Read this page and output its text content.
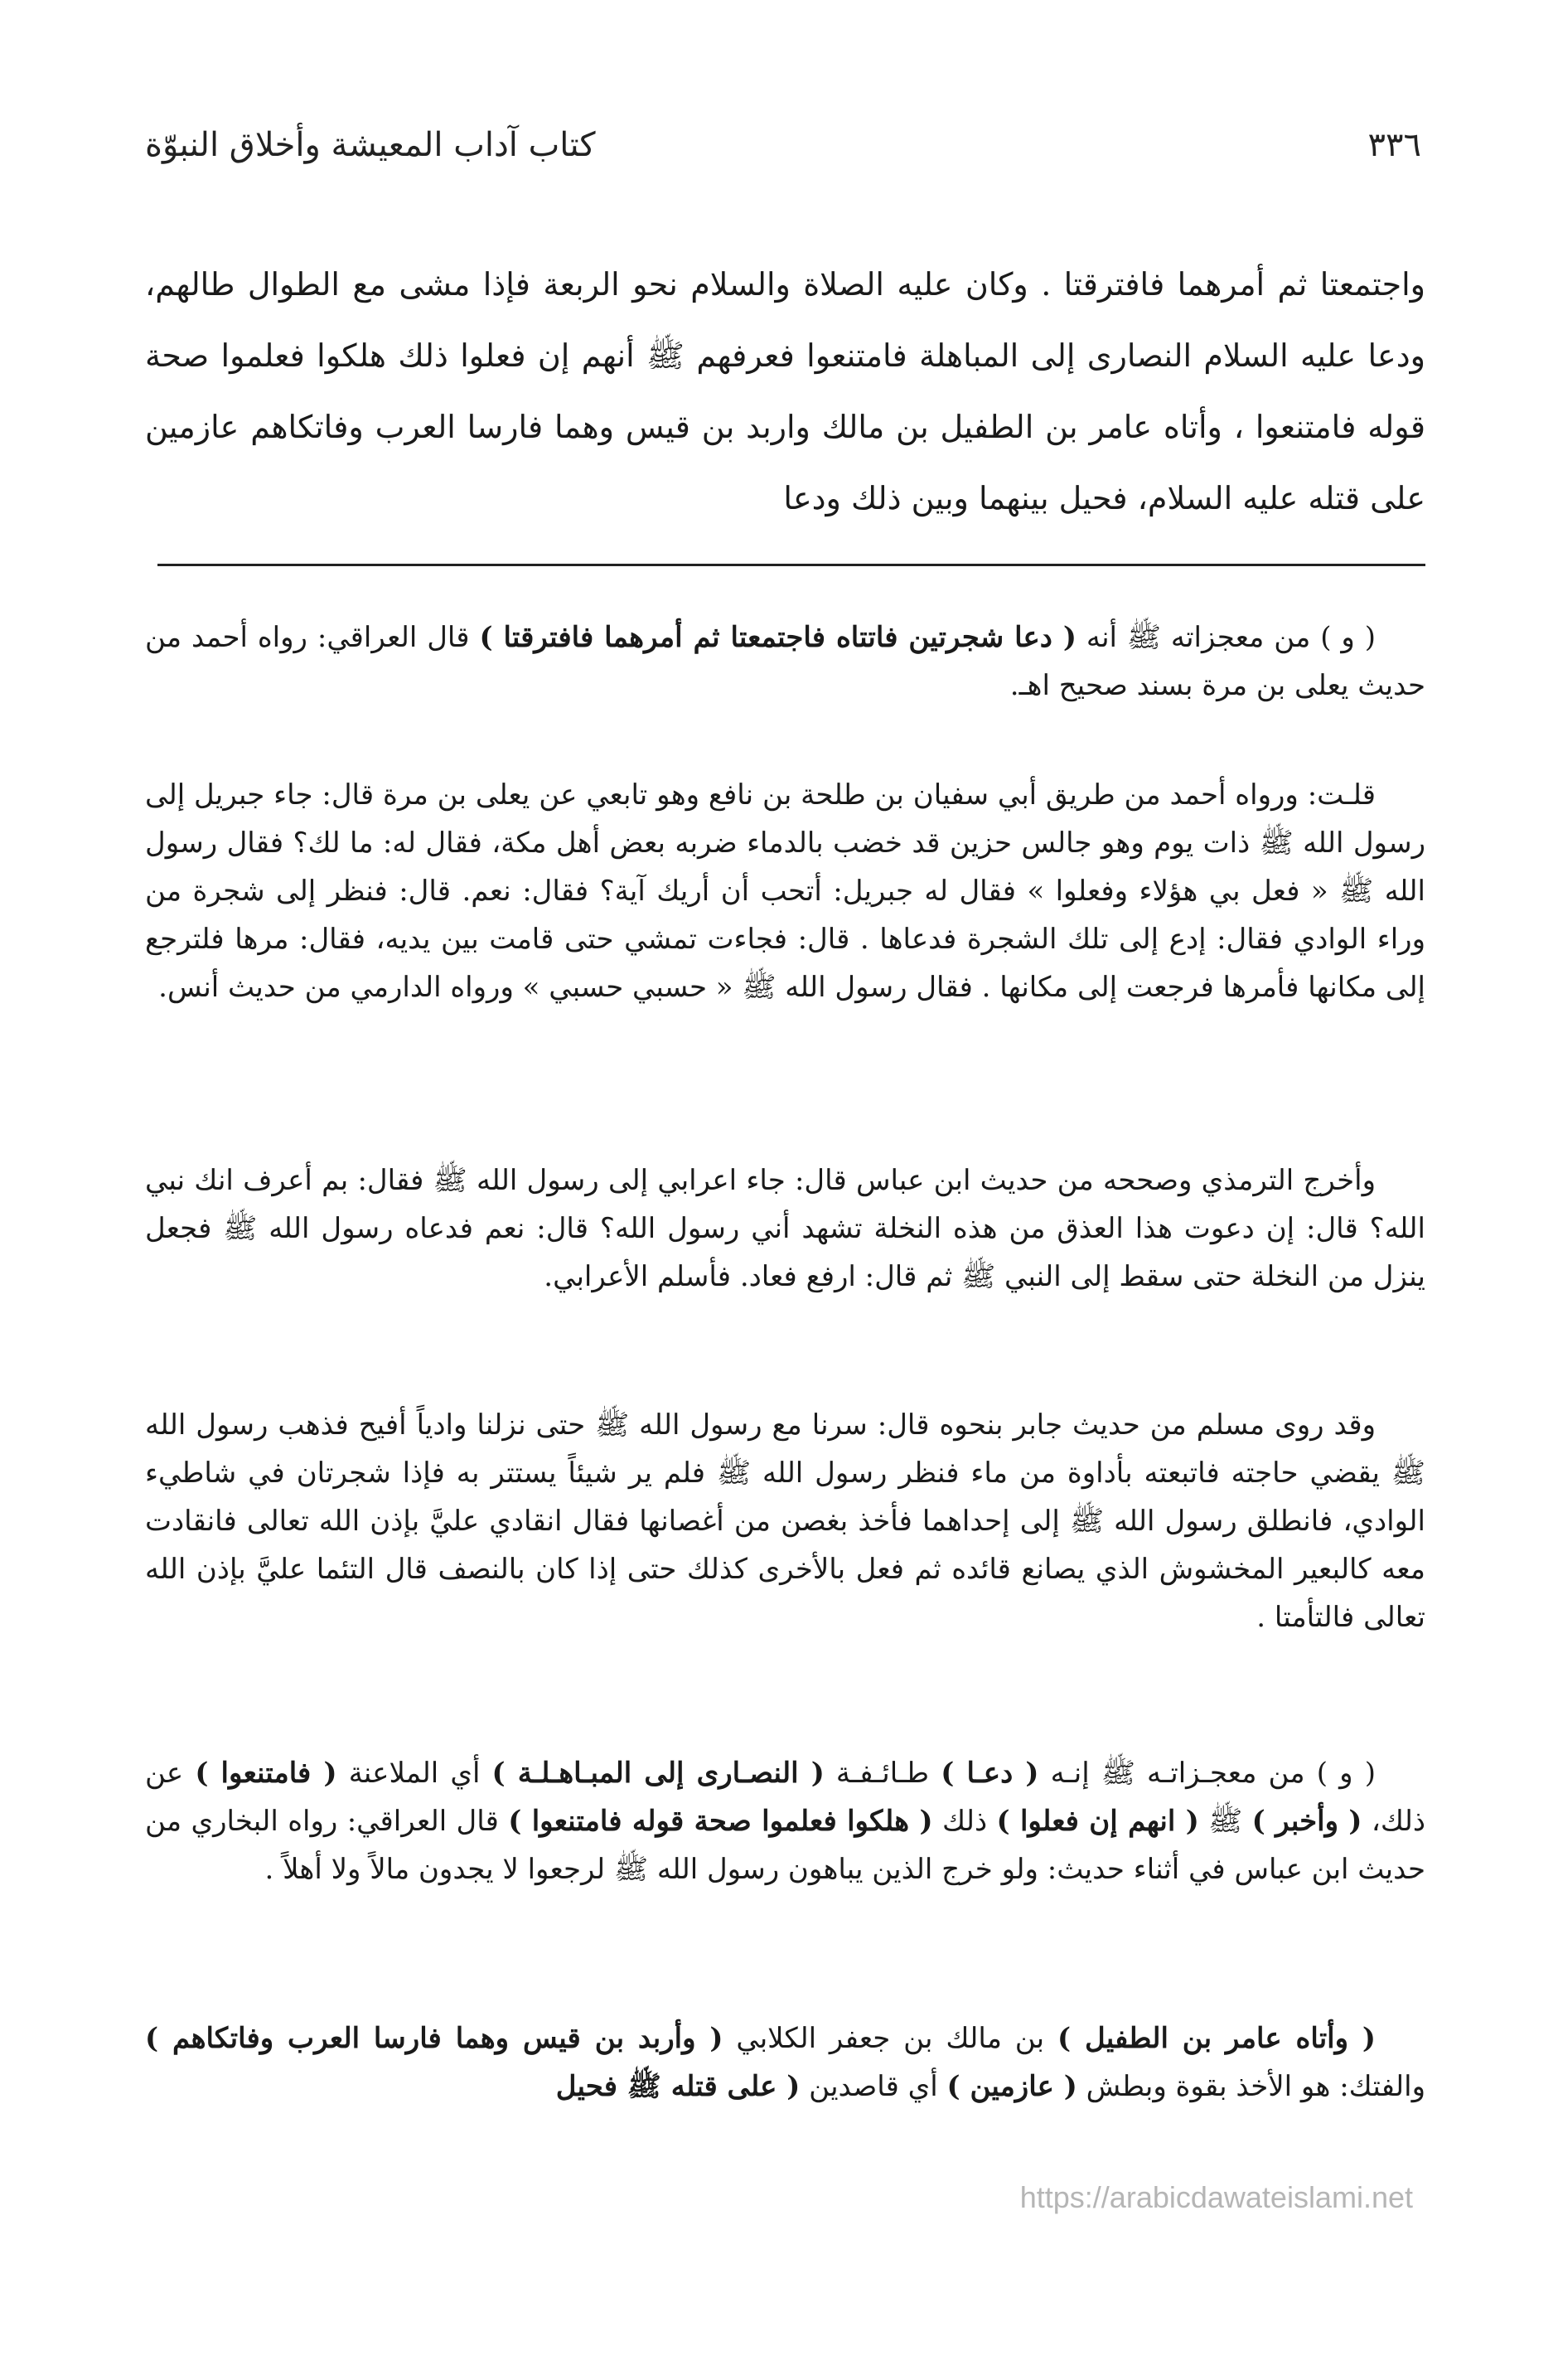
٣٣٦
كتاب آداب المعيشة وأخلاق النبوّة
واجتمعتا ثم أمرهما فافترقتا . وكان عليه الصلاة والسلام نحو الربعة فإذا مشى مع الطوال طالهم، ودعا عليه السلام النصارى إلى المباهلة فامتنعوا فعرفهم ﷺ أنهم إن فعلوا ذلك هلكوا فعلموا صحة قوله فامتنعوا ، وأتاه عامر بن الطفيل بن مالك واربد بن قيس وهما فارسا العرب وفاتكاهم عازمين على قتله عليه السلام، فحيل بينهما وبين ذلك ودعا
( و ) من معجزاته ﷺ أنه ( دعا شجرتين فاتتاه فاجتمعتا ثم أمرهما فافترقتا ) قال العراقي: رواه أحمد من حديث يعلى بن مرة بسند صحيح اهـ.
قلـت: ورواه أحمد من طريق أبي سفيان بن طلحة بن نافع وهو تابعي عن يعلى بن مرة قال: جاء جبريل إلى رسول الله ﷺ ذات يوم وهو جالس حزين قد خضب بالدماء ضربه بعض أهل مكة، فقال له: ما لك؟ فقال رسول الله ﷺ « فعل بي هؤلاء وفعلوا » فقال له جبريل: أتحب أن أريك آية؟ فقال: نعم. قال: فنظر إلى شجرة من وراء الوادي فقال: إدع إلى تلك الشجرة فدعاها . قال: فجاءت تمشي حتى قامت بين يديه، فقال: مرها فلترجع إلى مكانها فأمرها فرجعت إلى مكانها . فقال رسول الله ﷺ « حسبي حسبي » ورواه الدارمي من حديث أنس.
وأخرج الترمذي وصححه من حديث ابن عباس قال: جاء اعرابي إلى رسول الله ﷺ فقال: بم أعرف انك نبي الله؟ قال: إن دعوت هذا العذق من هذه النخلة تشهد أني رسول الله؟ قال: نعم فدعاه رسول الله ﷺ فجعل ينزل من النخلة حتى سقط إلى النبي ﷺ ثم قال: ارفع فعاد. فأسلم الأعرابي.
وقد روى مسلم من حديث جابر بنحوه قال: سرنا مع رسول الله ﷺ حتى نزلنا وادياً أفيح فذهب رسول الله ﷺ يقضي حاجته فاتبعته بأداوة من ماء فنظر رسول الله ﷺ فلم ير شيئاً يستتر به فإذا شجرتان في شاطيء الوادي، فانطلق رسول الله ﷺ إلى إحداهما فأخذ بغصن من أغصانها فقال انقادي عليَّ بإذن الله تعالى فانقادت معه كالبعير المخشوش الذي يصانع قائده ثم فعل بالأخرى كذلك حتى إذا كان بالنصف قال التئما عليَّ بإذن الله تعالى فالتأمتا .
( و ) من معجـزاتـه ﷺ إنـه ( دعـا ) طـائـفـة ( النصـارى إلى المبـاهـلـة ) أي الملاعنة ( فامتنعوا ) عن ذلك، ( وأخبر ) ﷺ ( انهم إن فعلوا ) ذلك ( هلكوا فعلموا صحة قوله فامتنعوا ) قال العراقي: رواه البخاري من حديث ابن عباس في أثناء حديث: ولو خرج الذين يباهون رسول الله ﷺ لرجعوا لا يجدون مالاً ولا أهلاً .
( وأتاه عامر بن الطفيل ) بن مالك بن جعفر الكلابي ( وأربد بن قيس وهما فارسا العرب وفاتكاهم ) والفتك: هو الأخذ بقوة وبطش ( عازمين ) أي قاصدين ( على قتله ﷺ فحيل
https://arabicdawateislami.net
